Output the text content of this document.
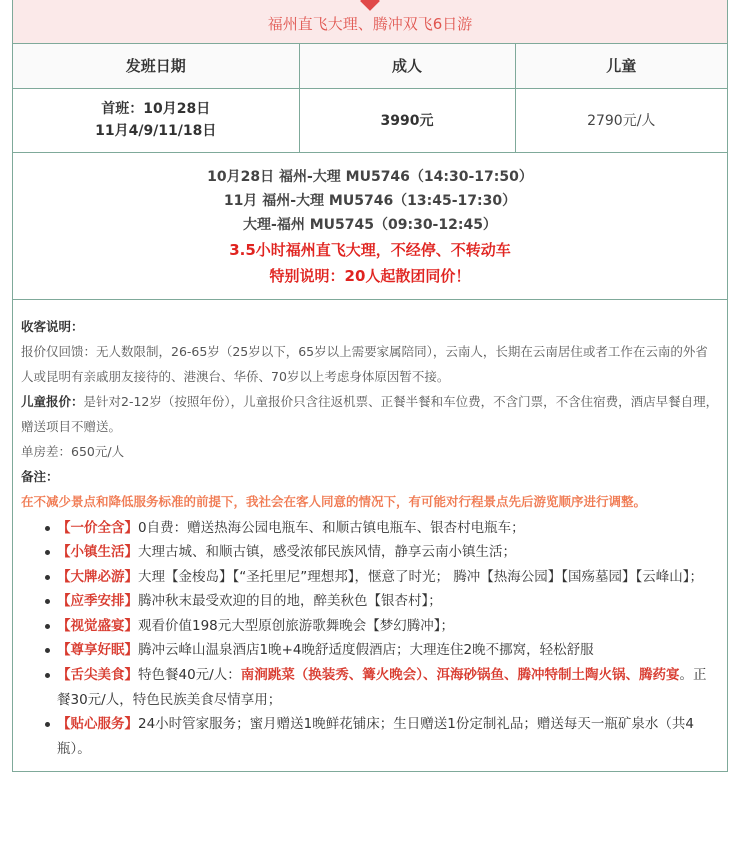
福州直飞大理、腾冲双飞6日游
发班日期	成人	儿童

首班：10月28日
11月4/9/11/18日	3990元	2790元/人
10月28日 福州-大理 MU5746（14:30-17:50）
11月 福州-大理 MU5746（13:45-17:30）
大理-福州 MU5745（09:30-12:45）
3.5小时福州直飞大理，不经停、不转动车
特别说明：20人起散团同价！
收客说明：
报价仅回馈：无人数限制，26-65岁（25岁以下，65岁以上需要家属陪同），云南人，长期在云南居住或者工作在云南的外省人或昆明有亲戚朋友接待的、港澳台、华侨、70岁以上考虑身体原因暂不接。
儿童报价：是针对2-12岁（按照年份），儿童报价只含往返机票、正餐半餐和车位费，不含门票，不含住宿费，酒店早餐自理，赠送项目不赠送。
单房差：650元/人
备注：
在不减少景点和降低服务标准的前提下，我社会在客人同意的情况下，有可能对行程景点先后游览顺序进行调整。
【一价全含】0自费：赠送热海公园电瓶车、和顺古镇电瓶车、银杏村电瓶车；
【小镇生活】大理古城、和顺古镇，感受浓郁民族风情，静享云南小镇生活；
【大牌必游】大理【金梭岛】【“圣托里尼”理想邦】，惬意了时光； 腾冲【热海公园】【国殇墓园】【云峰山】；
【应季安排】腾冲秋末最受欢迎的目的地，醉美秋色【银杏村】；
【视觉盛宴】观看价值198元大型原创旅游歌舞晚会【梦幻腾冲】；
【尊享好眠】腾冲云峰山温泉酒店1晚+4晚舒适度假酒店；大理连住2晚不挪窝，轻松舒服
【舌尖美食】特色餐40元/人：南涧跳菜（换装秀、篝火晚会）、洱海砂锅鱼、腾冲特制土陶火锅、腾药宴。正餐30元/人，特色民族美食尽情享用；
【贴心服务】24小时管家服务；蜜月赠送1晚鲜花铺床；生日赠送1份定制礼品；赠送每天一瓶矿泉水（共4瓶）。
